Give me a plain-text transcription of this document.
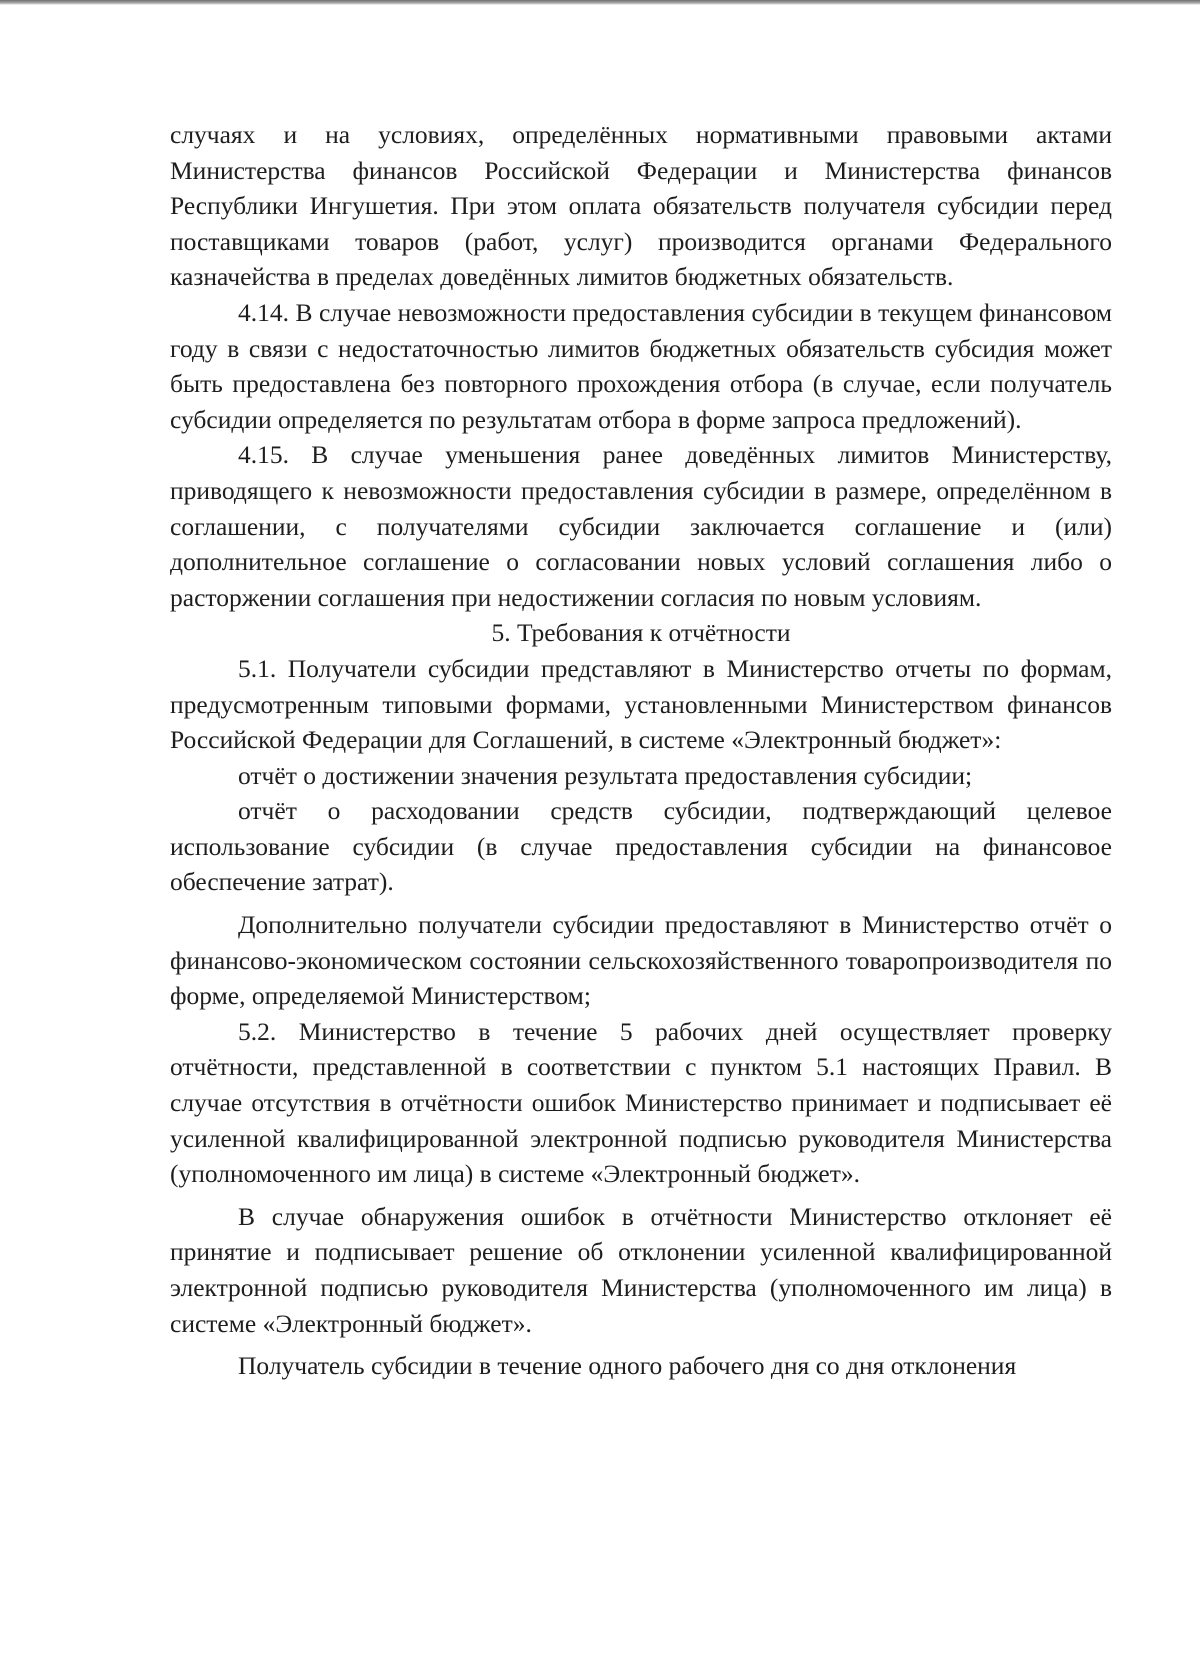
случаях и на условиях, определённых нормативными правовыми актами Министерства финансов Российской Федерации и Министерства финансов Республики Ингушетия. При этом оплата обязательств получателя субсидии перед поставщиками товаров (работ, услуг) производится органами Федерального казначейства в пределах доведённых лимитов бюджетных обязательств.

4.14. В случае невозможности предоставления субсидии в текущем финансовом году в связи с недостаточностью лимитов бюджетных обязательств субсидия может быть предоставлена без повторного прохождения отбора (в случае, если получатель субсидии определяется по результатам отбора в форме запроса предложений).

4.15. В случае уменьшения ранее доведённых лимитов Министерству, приводящего к невозможности предоставления субсидии в размере, определённом в соглашении, с получателями субсидии заключается соглашение и (или) дополнительное соглашение о согласовании новых условий соглашения либо о расторжении соглашения при недостижении согласия по новым условиям.

5. Требования к отчётности

5.1. Получатели субсидии представляют в Министерство отчеты по формам, предусмотренным типовыми формами, установленными Министерством финансов Российской Федерации для Соглашений, в системе «Электронный бюджет»:

отчёт о достижении значения результата предоставления субсидии;

отчёт о расходовании средств субсидии, подтверждающий целевое использование субсидии (в случае предоставления субсидии на финансовое обеспечение затрат).

Дополнительно получатели субсидии предоставляют в Министерство отчёт о финансово-экономическом состоянии сельскохозяйственного товаропроизводителя по форме, определяемой Министерством;

5.2. Министерство в течение 5 рабочих дней осуществляет проверку отчётности, представленной в соответствии с пунктом 5.1 настоящих Правил. В случае отсутствия в отчётности ошибок Министерство принимает и подписывает её усиленной квалифицированной электронной подписью руководителя Министерства (уполномоченного им лица) в системе «Электронный бюджет».

В случае обнаружения ошибок в отчётности Министерство отклоняет её принятие и подписывает решение об отклонении усиленной квалифицированной электронной подписью руководителя Министерства (уполномоченного им лица) в системе «Электронный бюджет».

Получатель субсидии в течение одного рабочего дня со дня отклонения
